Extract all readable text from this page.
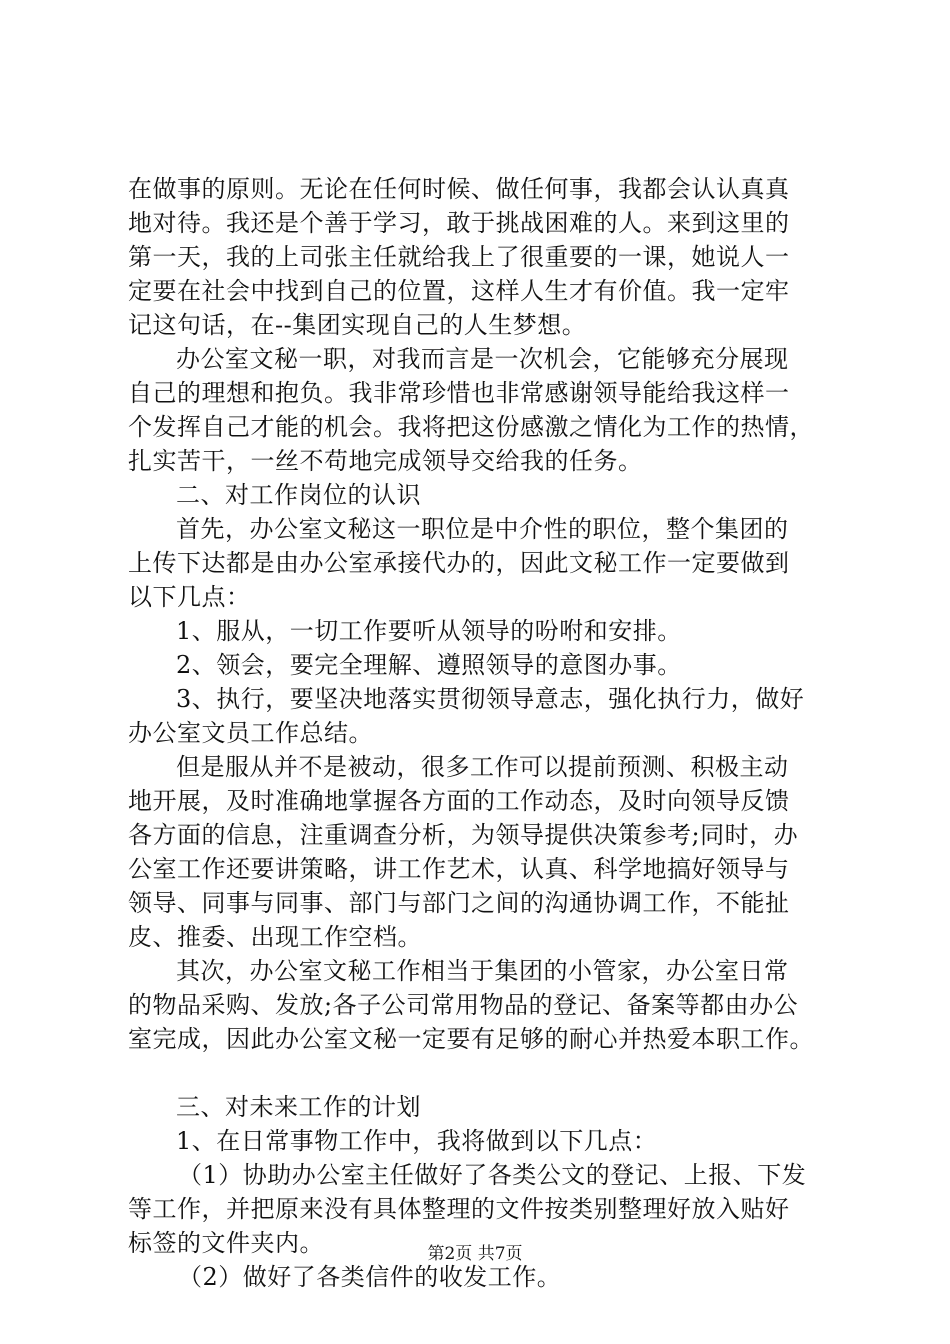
在做事的原则。无论在任何时候、做任何事，我都会认认真真
地对待。我还是个善于学习，敢于挑战困难的人。来到这里的
第一天，我的上司张主任就给我上了很重要的一课，她说人一
定要在社会中找到自己的位置，这样人生才有价值。我一定牢
记这句话，在--集团实现自己的人生梦想。
办公室文秘一职，对我而言是一次机会，它能够充分展现
自己的理想和抱负。我非常珍惜也非常感谢领导能给我这样一
个发挥自己才能的机会。我将把这份感激之情化为工作的热情，
扎实苦干，一丝不苟地完成领导交给我的任务。
二、对工作岗位的认识
首先，办公室文秘这一职位是中介性的职位，整个集团的
上传下达都是由办公室承接代办的，因此文秘工作一定要做到
以下几点：
1、服从，一切工作要听从领导的吩咐和安排。
2、领会，要完全理解、遵照领导的意图办事。
3、执行，要坚决地落实贯彻领导意志，强化执行力，做好
办公室文员工作总结。
但是服从并不是被动，很多工作可以提前预测、积极主动
地开展，及时准确地掌握各方面的工作动态，及时向领导反馈
各方面的信息，注重调查分析，为领导提供决策参考;同时，办
公室工作还要讲策略，讲工作艺术，认真、科学地搞好领导与
领导、同事与同事、部门与部门之间的沟通协调工作，不能扯
皮、推委、出现工作空档。
其次，办公室文秘工作相当于集团的小管家，办公室日常
的物品采购、发放;各子公司常用物品的登记、备案等都由办公
室完成，因此办公室文秘一定要有足够的耐心并热爱本职工作。
三、对未来工作的计划
1、在日常事物工作中，我将做到以下几点：
（1）协助办公室主任做好了各类公文的登记、上报、下发
等工作，并把原来没有具体整理的文件按类别整理好放入贴好
标签的文件夹内。
（2）做好了各类信件的收发工作。
第2页 共7页
